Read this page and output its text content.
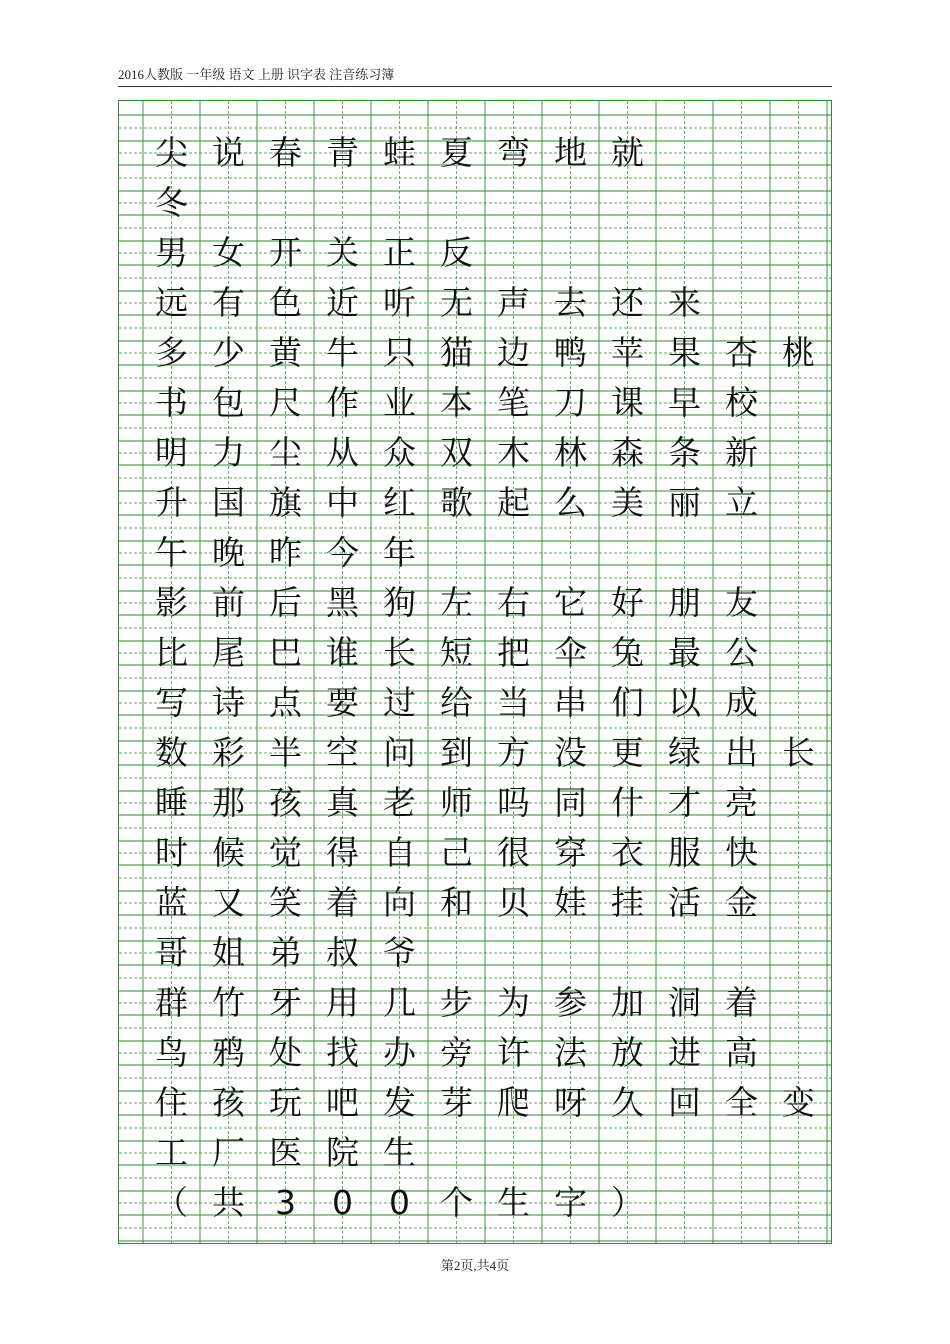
2016人教版 一年级 语文 上册 识字表 注音练习簿
尖 说 春 青 蛙 夏 弯 地 就
冬
男 女 开 关 正 反
远 有 色 近 听 无 声 去 还 来
多 少 黄 牛 只 猫 边 鸭 苹 果 杏 桃
书 包 尺 作 业 本 笔 刀 课 早 校
明 力 尘 从 众 双 木 林 森 条 新
升 国 旗 中 红 歌 起 么 美 丽 立
午 晚 昨 今 年
影 前 后 黑 狗 左 右 它 好 朋 友
比 尾 巴 谁 长 短 把 伞 兔 最 公
写 诗 点 要 过 给 当 串 们 以 成
数 彩 半 空 问 到 方 没 更 绿 出 长
睡 那 孩 真 老 师 吗 同 什 才 亮
时 候 觉 得 自 己 很 穿 衣 服 快
蓝 又 笑 着 向 和 贝 娃 挂 活 金
哥 姐 弟 叔 爷
群 竹 牙 用 几 步 为 参 加 洞 着
鸟 鸦 处 找 办 旁 许 法 放 进 高
住 孩 玩 吧 发 芽 爬 呀 久 回 全 变
工 厂 医 院 生
（ 共 3	0	0 个 生 字 ）
第2页,共4页
